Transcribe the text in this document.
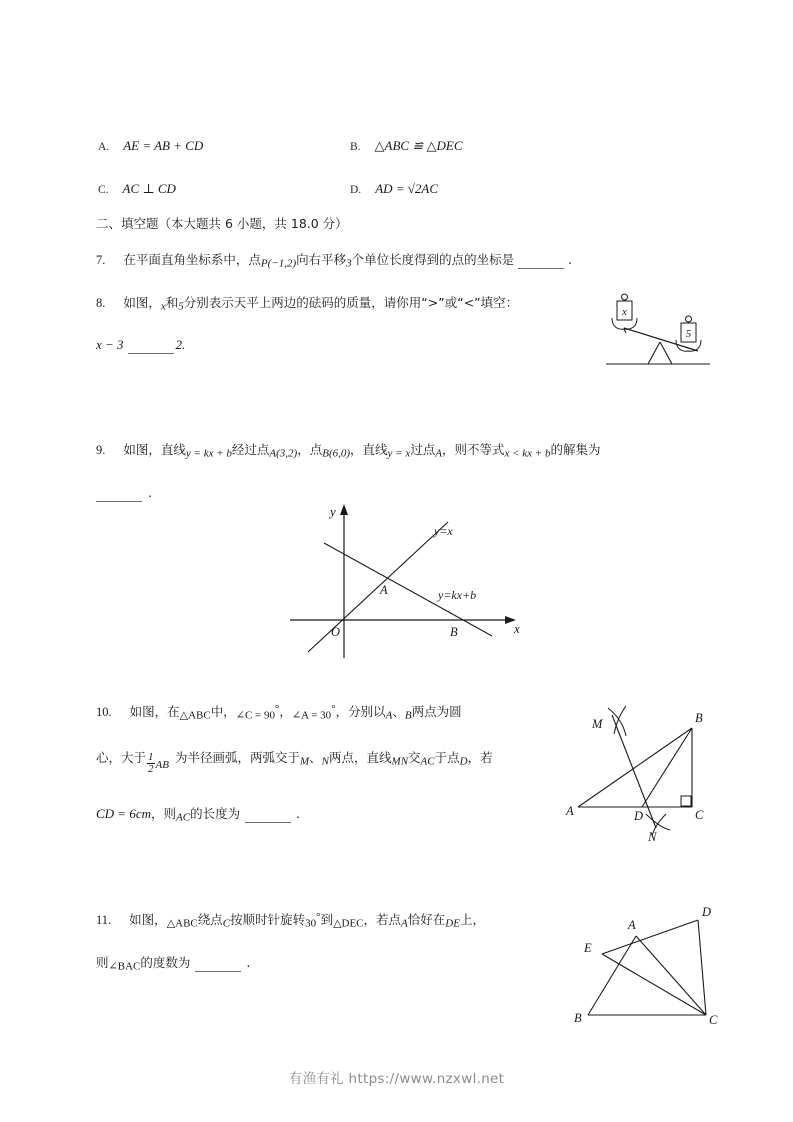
A. AE = AB + CD	B. △ABC ≌ △DEC
C. AC ⊥ CD	D. AD = √2AC
二、填空题（本大题共 6 小题，共 18.0 分）
7. 在平面直角坐标系中，点$_{P(-1,2)}$向右平移$_3$个单位长度得到的点的坐标是	.
8. 如图，$_x$和$_5$分别表示天平上两边的砝码的质量，请你用“>”或“<”填空：
x − 3	2.
x
5
9. 如图，直线$_{y = kx + b}$经过点$_{A(3,2)}$，点$_{B(6,0)}$，直线$_{y = x}$过点$_A$，则不等式$_{x < kx + b}$的解集为
.
y
x
O
A
B
y=x
y=kx+b
10. 如图，在$_{\triangle ABC}$中，$_{\angle C = 90}$°，$_{\angle A = 30}$°，分别以$_A$、$_B$两点为圆
心，大于 $\frac{1}{2} _{AB}$为半径画弧，两弧交于$_M$、$_N$两点，直线$_{MN}$交$_{AC}$于点$_D$，若
CD = 6cm，则$_{AC}$的长度为	.	A
B
C
D
M
N
11. 如图，$_{\triangle ABC}$绕点$_C$按顺时针旋转$_{30}$°到$_{\triangle DEC}$，若点$_A$恰好在$_{DE}$上，
则$_{\angle BAC}$的度数为	.
A
B	C
D
E
有渔有礼 https://www.nzxwl.net
